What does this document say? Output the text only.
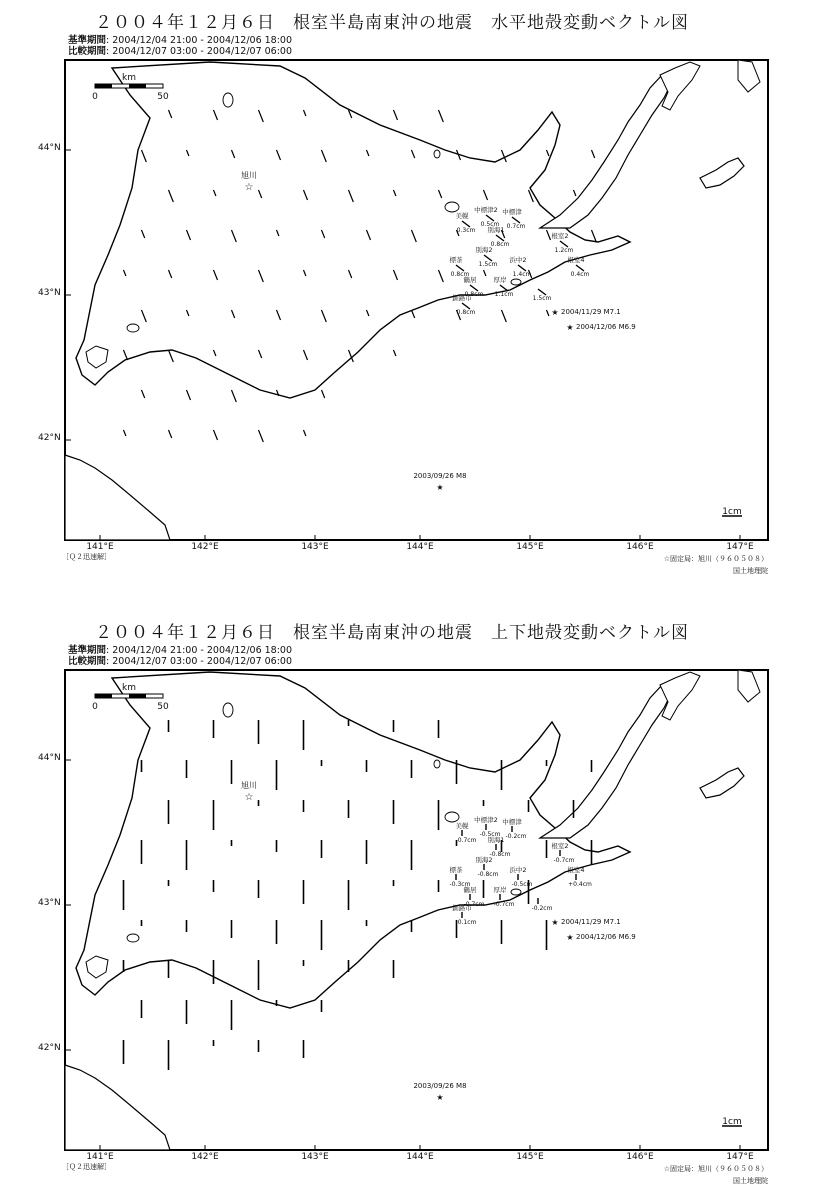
２００４年１２月６日　根室半島南東沖の地震　水平地殻変動ベクトル図
基準期間: 2004/12/04 21:00 - 2004/12/06 18:00
比較期間: 2004/12/07 03:00 - 2004/12/07 06:00
44°N
43°N
42°N
141°E	142°E	143°E	144°E	145°E	146°E	147°E
km
0	50
☆
旭川
★ 2004/11/29 M7.1
★ 2004/12/06 M6.9
★
2003/09/26 M8
1cm
美幌
0.3cm
中標津2
0.5cm
中標津
0.7cm
別海1
0.8cm
別海2
1.5cm
標茶
0.8cm
浜中2
1.4cm
厚岸
1.1cm
鶴居
0.8cm
釧路市
0.8cm
根室2
1.2cm
根室4
0.4cm
1.5cm
［Ｑ２迅速解］	☆固定局：旭川（９６０５０８）
国土地理院
２００４年１２月６日　根室半島南東沖の地震　上下地殻変動ベクトル図
基準期間: 2004/12/04 21:00 - 2004/12/06 18:00
比較期間: 2004/12/07 03:00 - 2004/12/07 06:00
44°N
43°N
42°N
141°E	142°E	143°E	144°E	145°E	146°E	147°E
km
0	50
☆
旭川
★ 2004/11/29 M7.1
★ 2004/12/06 M6.9
★
2003/09/26 M8
1cm
美幌
-0.7cm
中標津2
-0.5cm
中標津
-0.2cm
別海1
-0.8cm
別海2
-0.8cm
標茶
-0.3cm
浜中2
-0.5cm
厚岸
-0.7cm
鶴居
-0.7cm
釧路市
-0.1cm
根室2
-0.7cm
根室4
+0.4cm
-0.2cm
［Ｑ２迅速解］	☆固定局：旭川（９６０５０８）
国土地理院
